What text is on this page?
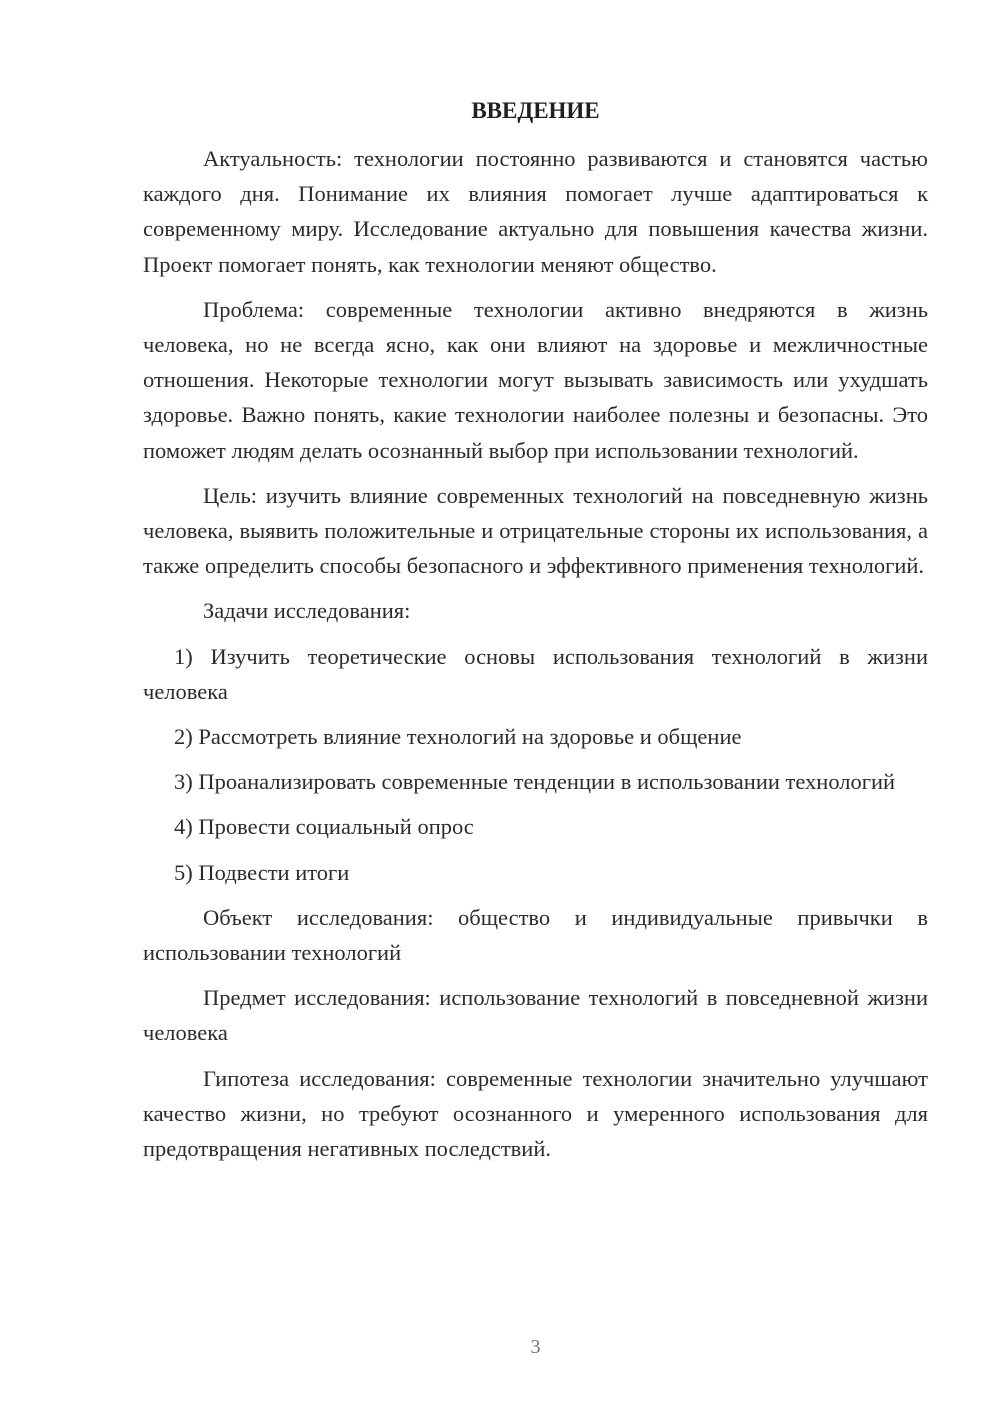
ВВЕДЕНИЕ

Актуальность: технологии постоянно развиваются и становятся частью каждого дня. Понимание их влияния помогает лучше адаптироваться к современному миру. Исследование актуально для повышения качества жизни. Проект помогает понять, как технологии меняют общество.

Проблема: современные технологии активно внедряются в жизнь человека, но не всегда ясно, как они влияют на здоровье и межличностные отношения. Некоторые технологии могут вызывать зависимость или ухудшать здоровье. Важно понять, какие технологии наиболее полезны и безопасны. Это поможет людям делать осознанный выбор при использовании технологий.

Цель: изучить влияние современных технологий на повседневную жизнь человека, выявить положительные и отрицательные стороны их использования, а также определить способы безопасного и эффективного применения технологий.

Задачи исследования:

1) Изучить теоретические основы использования технологий в жизни человека

2) Рассмотреть влияние технологий на здоровье и общение

3) Проанализировать современные тенденции в использовании технологий

4) Провести социальный опрос

5) Подвести итоги

Объект исследования: общество и индивидуальные привычки в использовании технологий

Предмет исследования: использование технологий в повседневной жизни человека

Гипотеза исследования: современные технологии значительно улучшают качество жизни, но требуют осознанного и умеренного использования для предотвращения негативных последствий.

3
